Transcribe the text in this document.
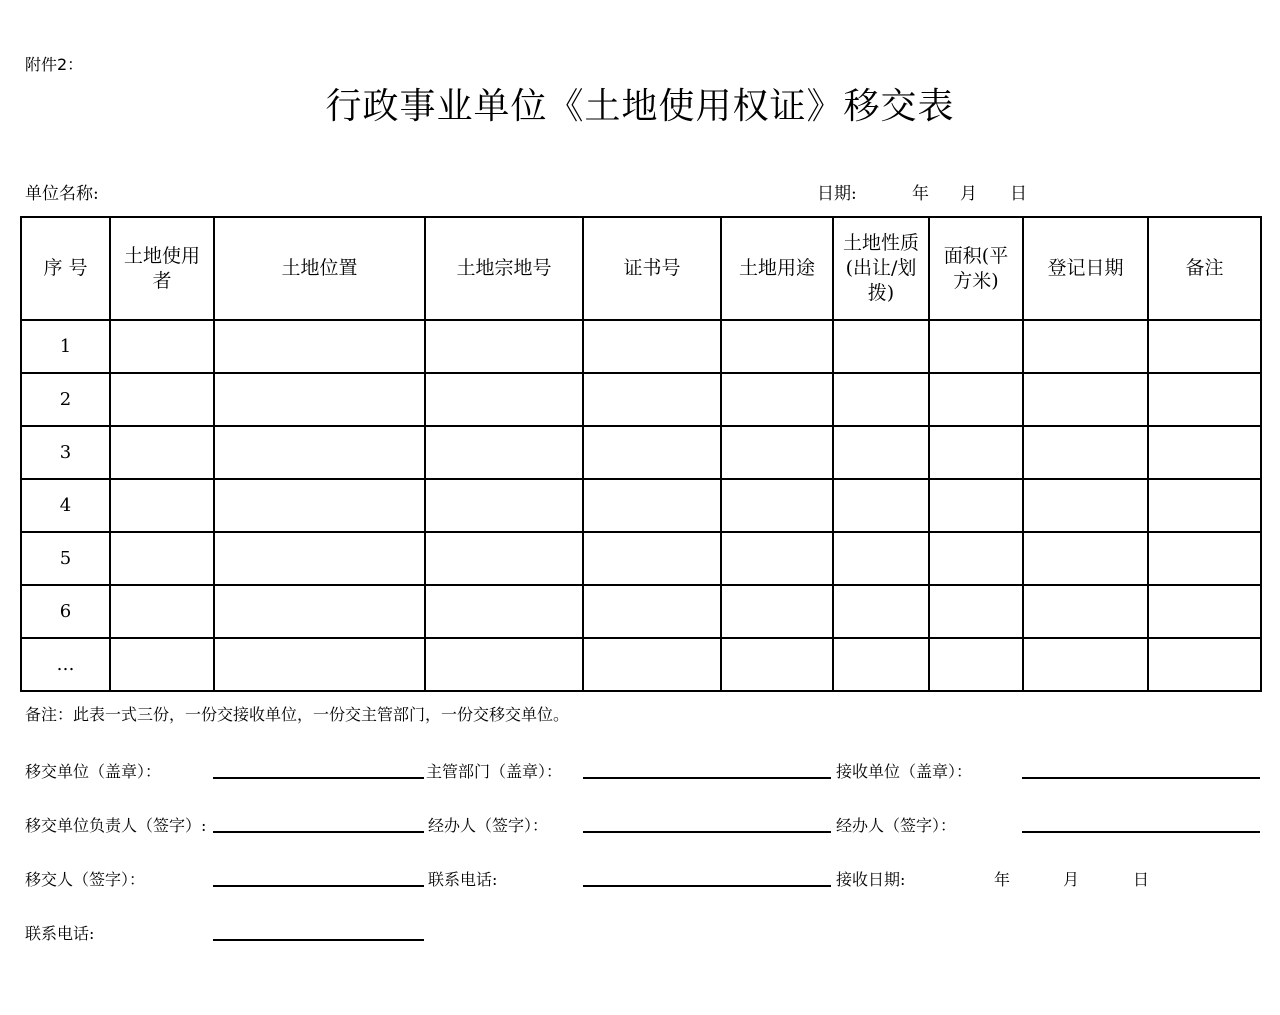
附件2：
行政事业单位《土地使用权证》移交表
单位名称:	日期:	年 月 日
序 号	土地使用者	土地位置	土地宗地号	证书号	土地用途	土地性质(出让/划拨)	面积(平方米)	登记日期	备注
1									
2									
3									
4									
5									
6									
…									
备注：此表一式三份，一份交接收单位，一份交主管部门，一份交移交单位。
移交单位（盖章）：	主管部门（盖章）：	接收单位（盖章）：
移交单位负责人（签字）:	经办人（签字）：	经办人（签字）：
移交人（签字）：	联系电话:	接收日期:	年	月	日
联系电话:
